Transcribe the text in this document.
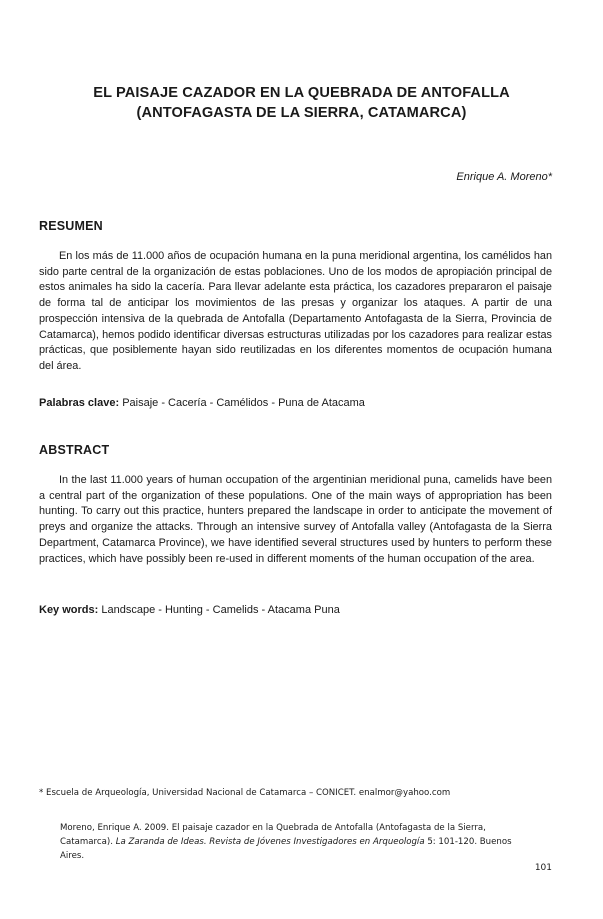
EL PAISAJE CAZADOR EN LA QUEBRADA DE ANTOFALLA
(ANTOFAGASTA DE LA SIERRA, CATAMARCA)
Enrique A. Moreno*
RESUMEN

En los más de 11.000 años de ocupación humana en la puna meridional argentina, los camélidos han sido parte central de la organización de estas poblaciones. Uno de los modos de apropiación principal de estos animales ha sido la cacería. Para llevar adelante esta práctica, los cazadores prepararon el paisaje de forma tal de anticipar los movimientos de las presas y organizar los ataques. A partir de una prospección intensiva de la quebrada de Antofalla (Departamento Antofagasta de la Sierra, Provincia de Catamarca), hemos podido identificar diversas estructuras utilizadas por los cazadores para realizar estas prácticas, que posiblemente hayan sido reutilizadas en los diferentes momentos de ocupación humana del área.

Palabras clave: Paisaje - Cacería - Camélidos - Puna de Atacama

ABSTRACT

In the last 11.000 years of human occupation of the argentinian meridional puna, camelids have been a central part of the organization of these populations. One of the main ways of appropriation has been hunting. To carry out this practice, hunters prepared the landscape in order to anticipate the movement of preys and organize the attacks. Through an intensive survey of Antofalla valley (Antofagasta de la Sierra Department, Catamarca Province), we have identified several structures used by hunters to perform these practices, which have possibly been re-used in different moments of the human occupation of the area.

Key words: Landscape - Hunting - Camelids - Atacama Puna

* Escuela de Arqueología, Universidad Nacional de Catamarca – CONICET. enalmor@yahoo.com

Moreno, Enrique A. 2009. El paisaje cazador en la Quebrada de Antofalla (Antofagasta de la Sierra, Catamarca). La Zaranda de Ideas. Revista de Jóvenes Investigadores en Arqueología 5: 101-120. Buenos Aires.

101
